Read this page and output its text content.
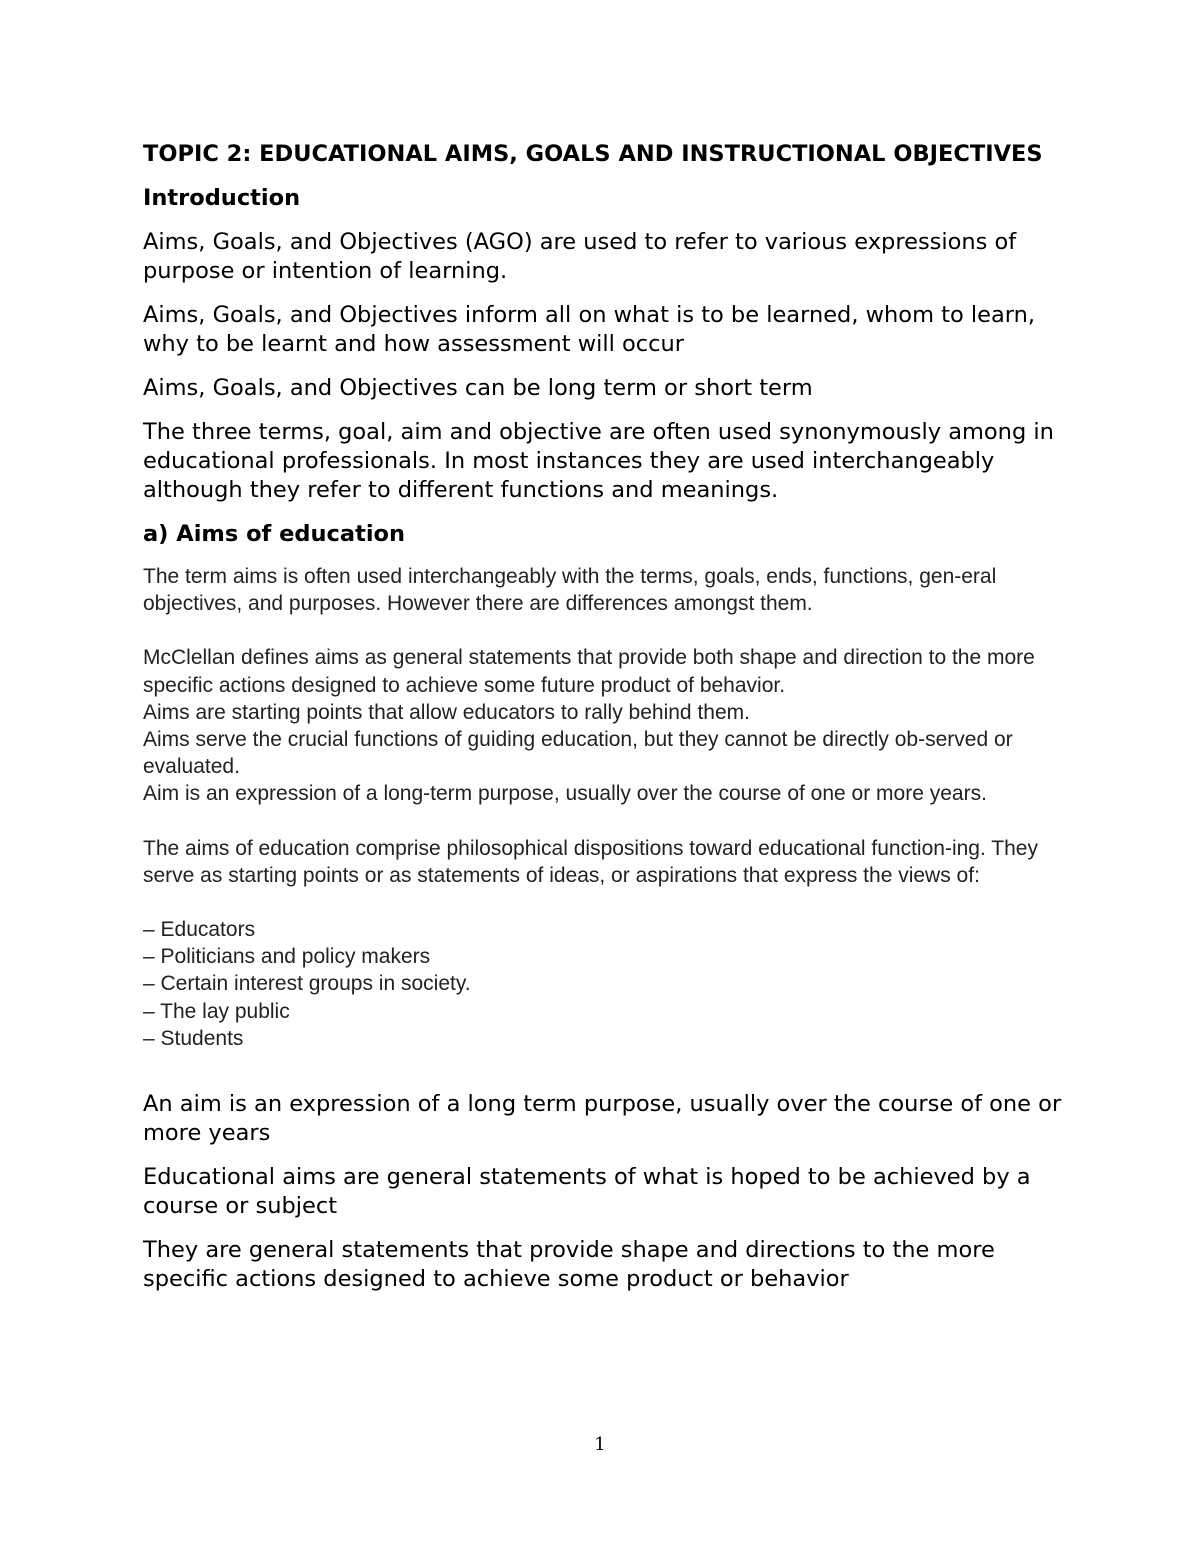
TOPIC 2: EDUCATIONAL AIMS, GOALS AND INSTRUCTIONAL OBJECTIVES
Introduction
Aims, Goals, and Objectives (AGO) are used to refer to various expressions of purpose or intention of learning.
Aims, Goals, and Objectives inform all on what is to be learned, whom to learn, why to be learnt and how assessment will occur
Aims, Goals, and Objectives can be long term or short term
The three terms, goal, aim and objective are often used synonymously among in educational professionals. In most instances they are used interchangeably although they refer to different functions and meanings.
a) Aims of education

The term aims is often used interchangeably with the terms, goals, ends, functions, gen-eral objectives, and purposes. However there are differences amongst them.

McClellan defines aims as general statements that provide both shape and direction to the more specific actions designed to achieve some future product of behavior.

Aims are starting points that allow educators to rally behind them.

Aims serve the crucial functions of guiding education, but they cannot be directly ob-served or evaluated.

Aim is an expression of a long-term purpose, usually over the course of one or more years.

The aims of education comprise philosophical dispositions toward educational function-ing. They serve as starting points or as statements of ideas, or aspirations that express the views of:

– Educators
– Politicians and policy makers
– Certain interest groups in society.
– The lay public
– Students
An aim is an expression of a long term purpose, usually over the course of one or more years
Educational aims are general statements of what is hoped to be achieved by a course or subject
They are general statements that provide shape and directions to the more specific actions designed to achieve some product or behavior
1
